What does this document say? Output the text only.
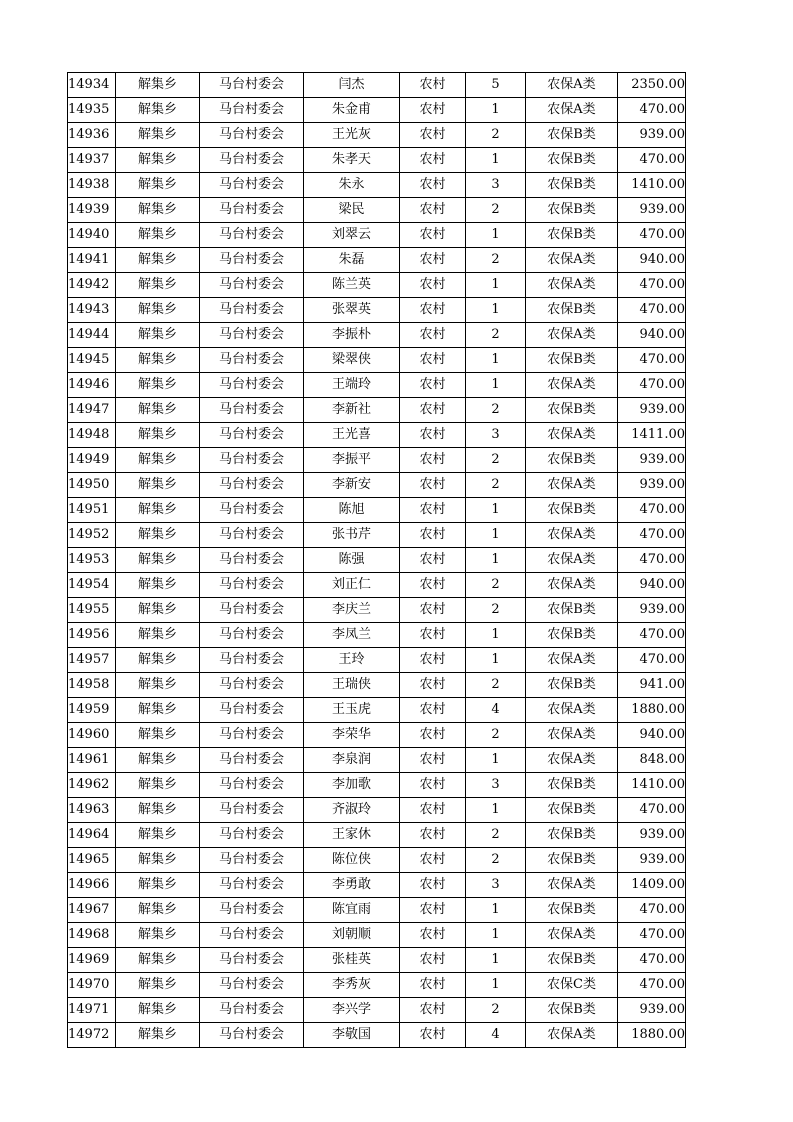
14934	解集乡	马台村委会	闫杰	农村	5	农保A类	2350.00
14935	解集乡	马台村委会	朱金甫	农村	1	农保A类	470.00
14936	解集乡	马台村委会	王光灰	农村	2	农保B类	939.00
14937	解集乡	马台村委会	朱孝天	农村	1	农保B类	470.00
14938	解集乡	马台村委会	朱永	农村	3	农保B类	1410.00
14939	解集乡	马台村委会	梁民	农村	2	农保B类	939.00
14940	解集乡	马台村委会	刘翠云	农村	1	农保B类	470.00
14941	解集乡	马台村委会	朱磊	农村	2	农保A类	940.00
14942	解集乡	马台村委会	陈兰英	农村	1	农保A类	470.00
14943	解集乡	马台村委会	张翠英	农村	1	农保B类	470.00
14944	解集乡	马台村委会	李振朴	农村	2	农保A类	940.00
14945	解集乡	马台村委会	梁翠侠	农村	1	农保B类	470.00
14946	解集乡	马台村委会	王端玲	农村	1	农保A类	470.00
14947	解集乡	马台村委会	李新社	农村	2	农保B类	939.00
14948	解集乡	马台村委会	王光喜	农村	3	农保A类	1411.00
14949	解集乡	马台村委会	李振平	农村	2	农保B类	939.00
14950	解集乡	马台村委会	李新安	农村	2	农保A类	939.00
14951	解集乡	马台村委会	陈旭	农村	1	农保B类	470.00
14952	解集乡	马台村委会	张书芹	农村	1	农保A类	470.00
14953	解集乡	马台村委会	陈强	农村	1	农保A类	470.00
14954	解集乡	马台村委会	刘正仁	农村	2	农保A类	940.00
14955	解集乡	马台村委会	李庆兰	农村	2	农保B类	939.00
14956	解集乡	马台村委会	李凤兰	农村	1	农保B类	470.00
14957	解集乡	马台村委会	王玲	农村	1	农保A类	470.00
14958	解集乡	马台村委会	王瑞侠	农村	2	农保B类	941.00
14959	解集乡	马台村委会	王玉虎	农村	4	农保A类	1880.00
14960	解集乡	马台村委会	李荣华	农村	2	农保A类	940.00
14961	解集乡	马台村委会	李泉润	农村	1	农保A类	848.00
14962	解集乡	马台村委会	李加歌	农村	3	农保B类	1410.00
14963	解集乡	马台村委会	齐淑玲	农村	1	农保B类	470.00
14964	解集乡	马台村委会	王家休	农村	2	农保B类	939.00
14965	解集乡	马台村委会	陈位侠	农村	2	农保B类	939.00
14966	解集乡	马台村委会	李勇敢	农村	3	农保A类	1409.00
14967	解集乡	马台村委会	陈宜雨	农村	1	农保B类	470.00
14968	解集乡	马台村委会	刘朝顺	农村	1	农保A类	470.00
14969	解集乡	马台村委会	张桂英	农村	1	农保B类	470.00
14970	解集乡	马台村委会	李秀灰	农村	1	农保C类	470.00
14971	解集乡	马台村委会	李兴学	农村	2	农保B类	939.00
14972	解集乡	马台村委会	李敬国	农村	4	农保A类	1880.00
